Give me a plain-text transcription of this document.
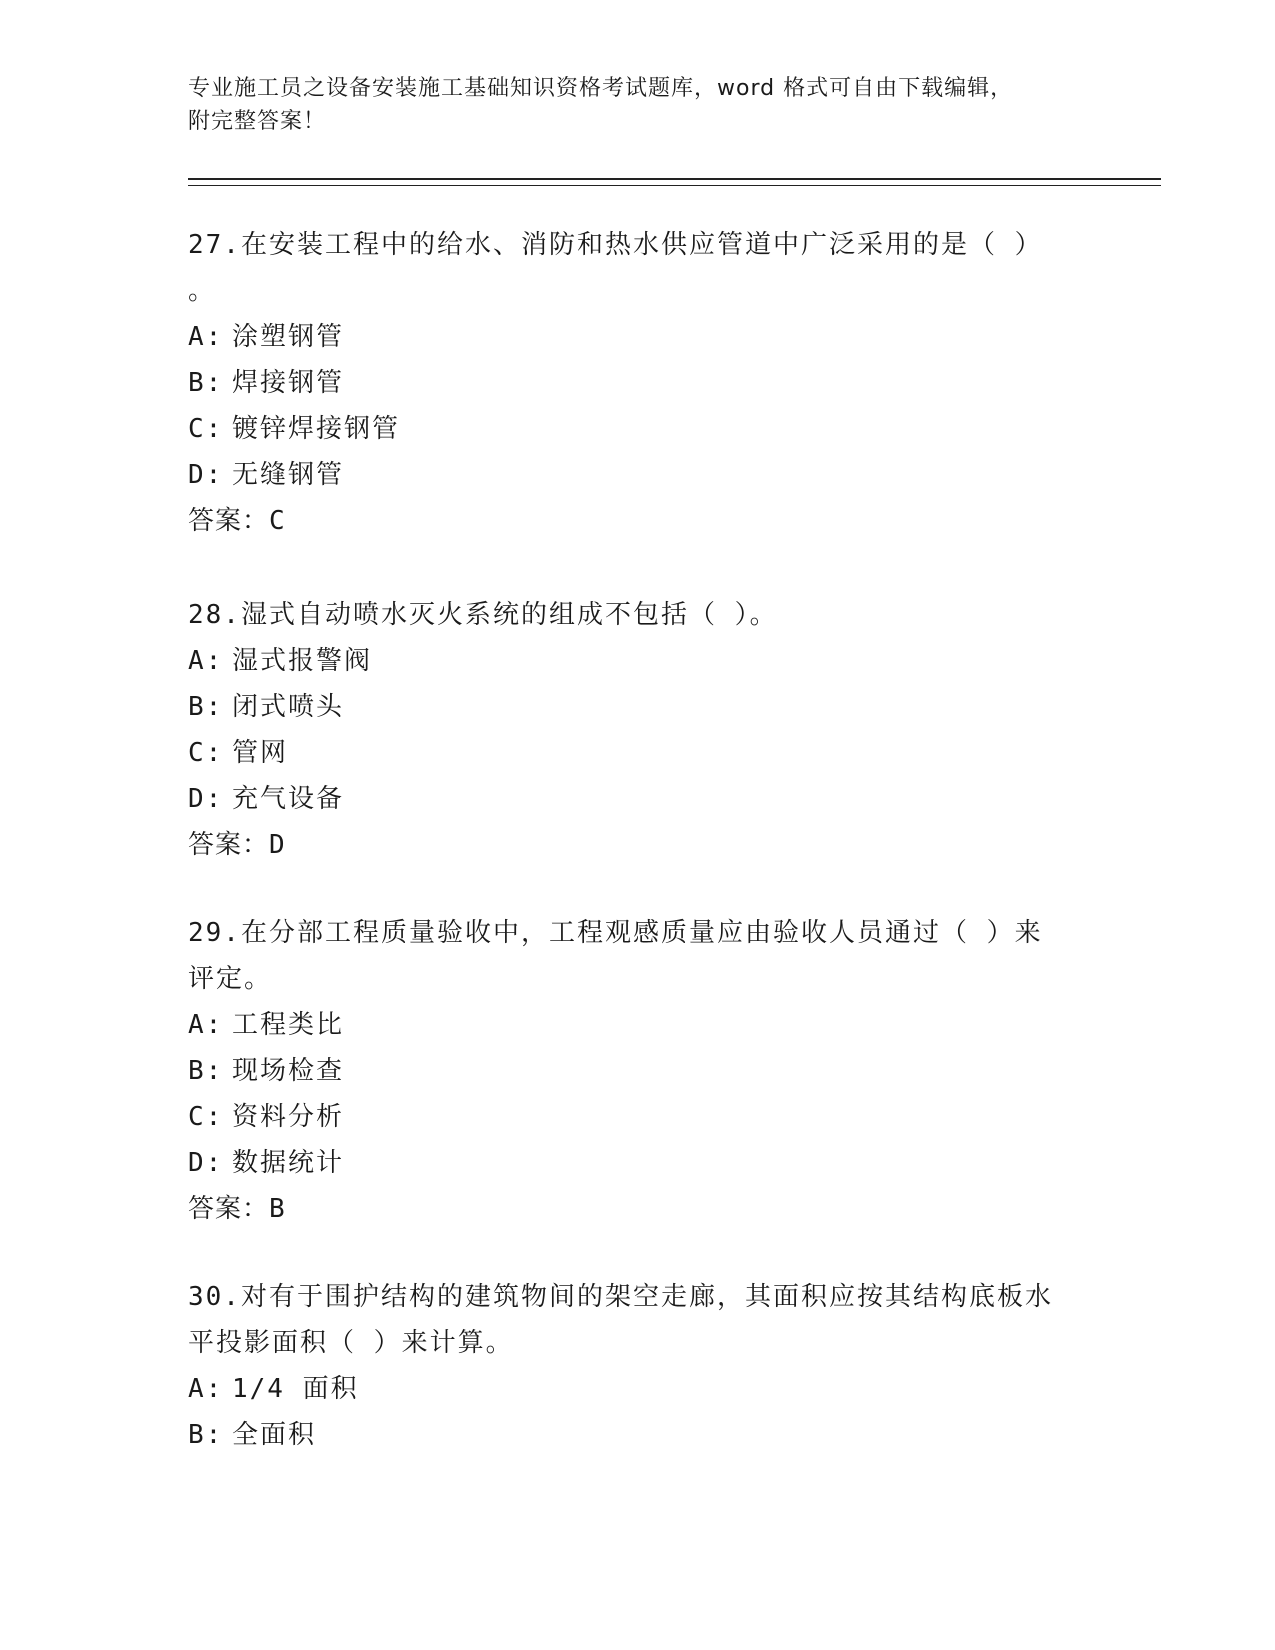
专业施工员之设备安装施工基础知识资格考试题库，word 格式可自由下载编辑，
附完整答案！
27.在安装工程中的给水、消防和热水供应管道中广泛采用的是（ ）
。
A: 涂塑钢管
B: 焊接钢管
C: 镀锌焊接钢管
D: 无缝钢管
答案：C
28.湿式自动喷水灭火系统的组成不包括（ ）。
A: 湿式报警阀
B: 闭式喷头
C: 管网
D: 充气设备
答案：D
29.在分部工程质量验收中，工程观感质量应由验收人员通过（ ）来
评定。
A: 工程类比
B: 现场检查
C: 资料分析
D: 数据统计
答案：B
30.对有于围护结构的建筑物间的架空走廊，其面积应按其结构底板水
平投影面积（ ）来计算。
A: 1/4 面积
B: 全面积
